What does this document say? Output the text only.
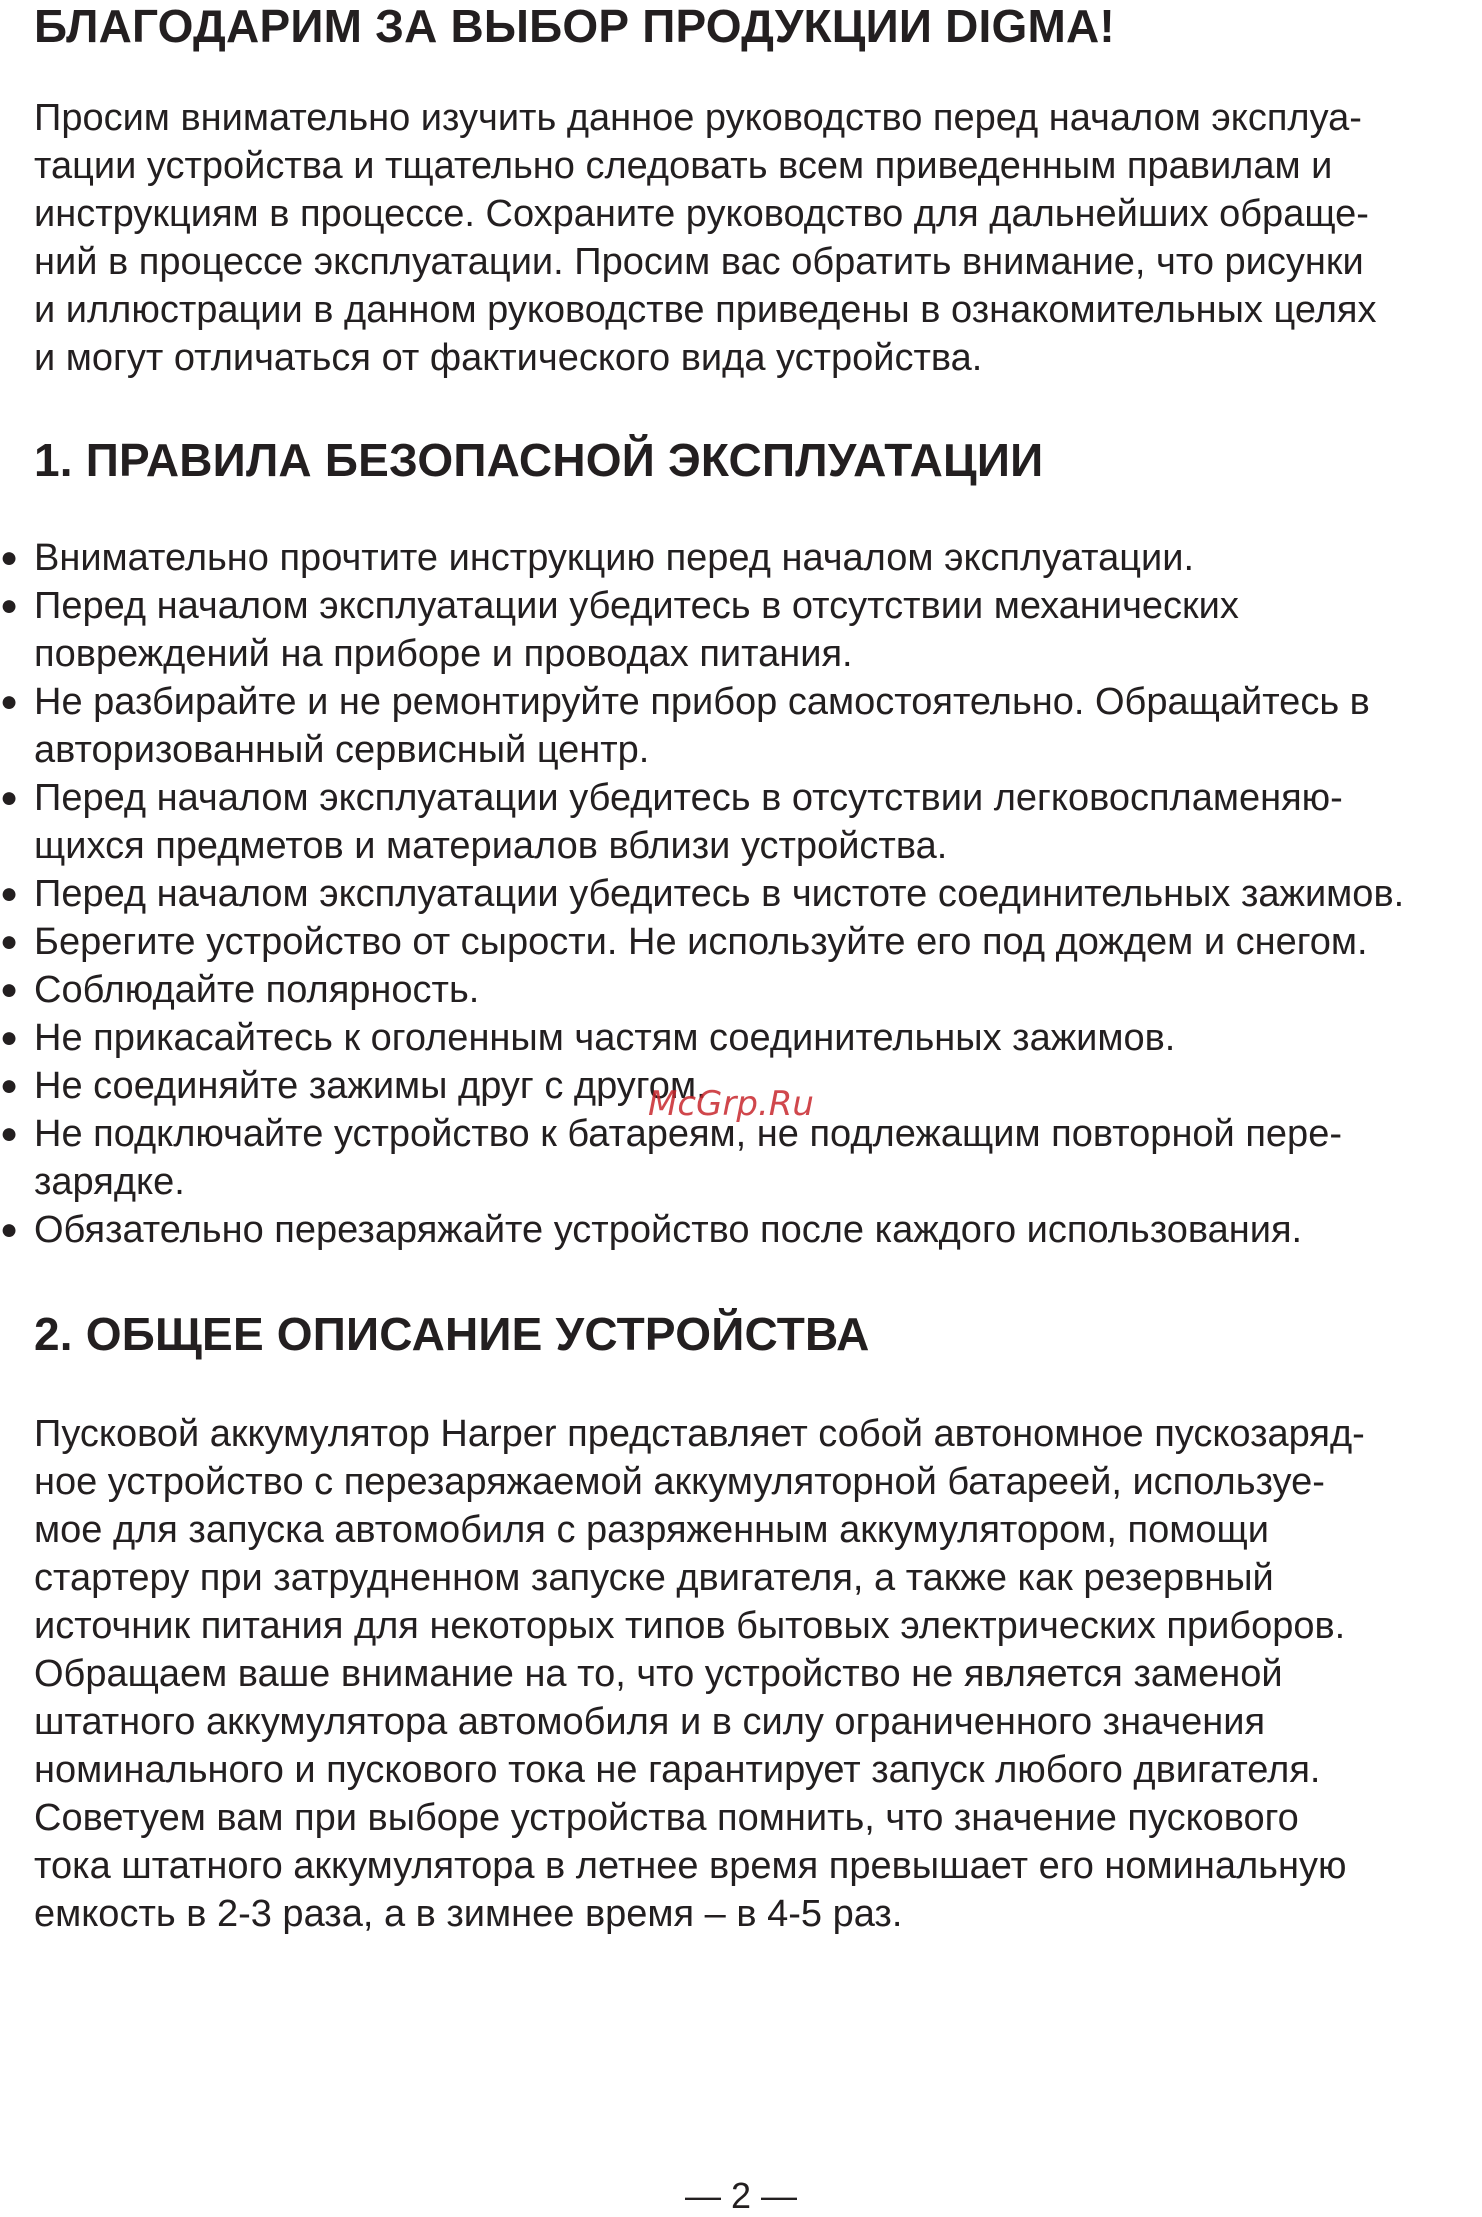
БЛАГОДАРИМ ЗА ВЫБОР ПРОДУКЦИИ DIGMA!
Просим внимательно изучить данное руководство перед началом эксплуа-
тации устройства и тщательно следовать всем приведенным правилам и
инструкциям в процессе. Сохраните руководство для дальнейших обраще-
ний в процессе эксплуатации. Просим вас обратить внимание, что рисунки
и иллюстрации в данном руководстве приведены в ознакомительных целях
и могут отличаться от фактического вида устройства.
1. ПРАВИЛА БЕЗОПАСНОЙ ЭКСПЛУАТАЦИИ
● Внимательно прочтите инструкцию перед началом эксплуатации.
● Перед началом эксплуатации убедитесь в отсутствии механических
повреждений на приборе и проводах питания.
● Не разбирайте и не ремонтируйте прибор самостоятельно. Обращайтесь в
авторизованный сервисный центр.
● Перед началом эксплуатации убедитесь в отсутствии легковоспламеняю-
щихся предметов и материалов вблизи устройства.
● Перед началом эксплуатации убедитесь в чистоте соединительных зажимов.
● Берегите устройство от сырости. Не используйте его под дождем и снегом.
● Соблюдайте полярность.
● Не прикасайтесь к оголенным частям соединительных зажимов.
● Не соединяйте зажимы друг с другом.
● Не подключайте устройство к батареям, не подлежащим повторной пере-
зарядке.
● Обязательно перезаряжайте устройство после каждого использования.
McGrp.Ru
2. ОБЩЕЕ ОПИСАНИЕ УСТРОЙСТВА
Пусковой аккумулятор Harper представляет собой автономное пускозаряд-
ное устройство с перезаряжаемой аккумуляторной батареей, используе-
мое для запуска автомобиля с разряженным аккумулятором, помощи
стартеру при затрудненном запуске двигателя, а также как резервный
источник питания для некоторых типов бытовых электрических приборов.
Обращаем ваше внимание на то, что устройство не является заменой
штатного аккумулятора автомобиля и в силу ограниченного значения
номинального и пускового тока не гарантирует запуск любого двигателя.
Советуем вам при выборе устройства помнить, что значение пускового
тока штатного аккумулятора в летнее время превышает его номинальную
емкость в 2-3 раза, а в зимнее время – в 4-5 раз.
— 2 —
